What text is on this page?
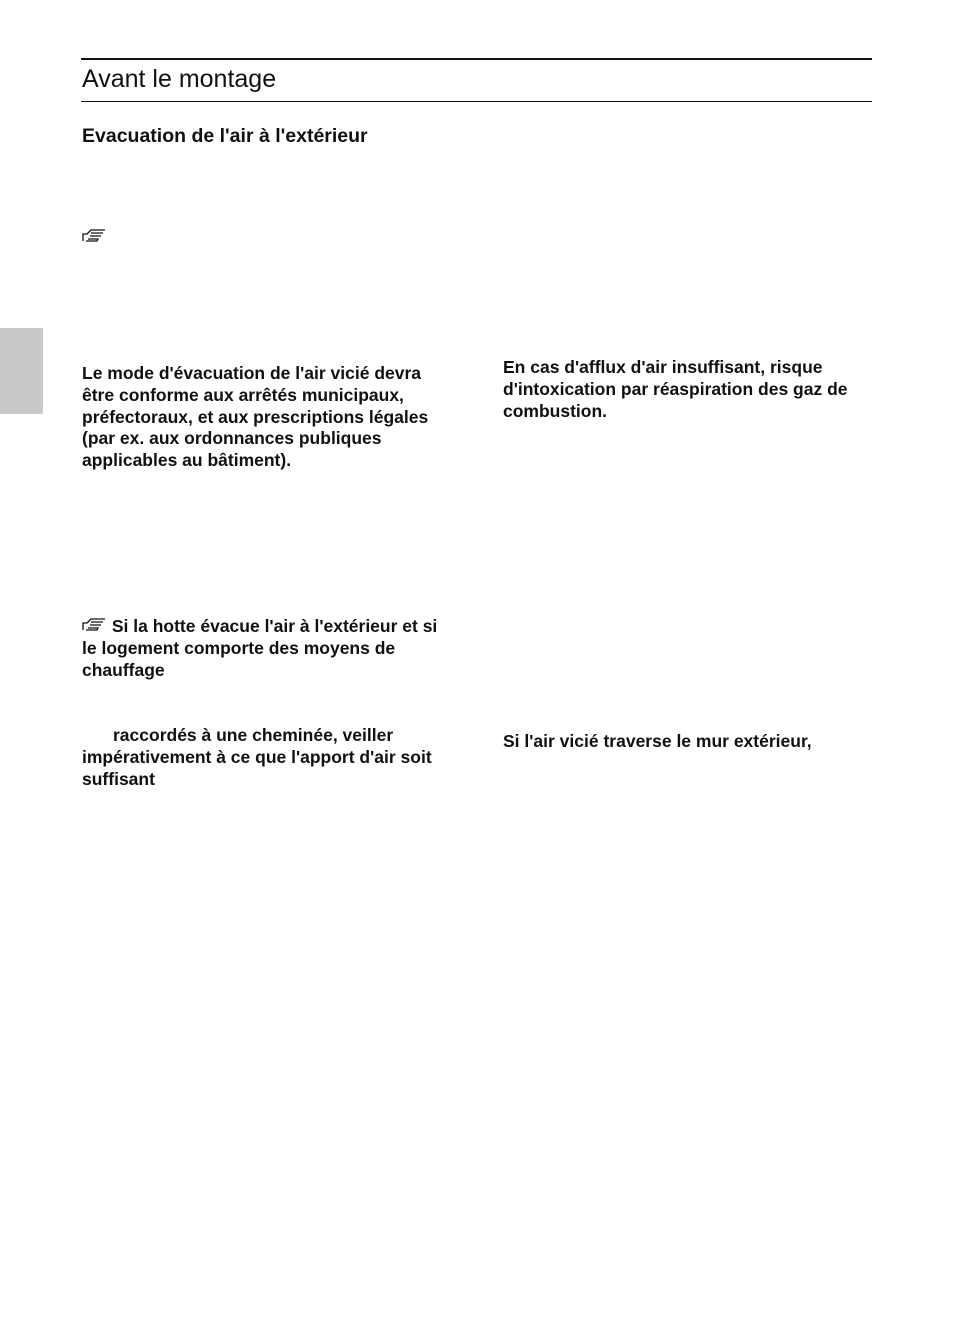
Avant le montage
Evacuation de l'air à l'extérieur

Le mode d'évacuation de l'air vicié devra être conforme aux arrêtés municipaux, préfectoraux, et aux prescriptions légales (par ex. aux ordonnances publiques applicables au bâtiment).

En cas d'afflux d'air insuffisant, risque d'intoxication par réaspiration des gaz de combustion.

Si la hotte évacue l'air à l'extérieur et si le logement comporte des moyens de chauffage

raccordés à une cheminée, veiller impérativement à ce que l'apport d'air soit suffisant

Si l'air vicié traverse le mur extérieur,
